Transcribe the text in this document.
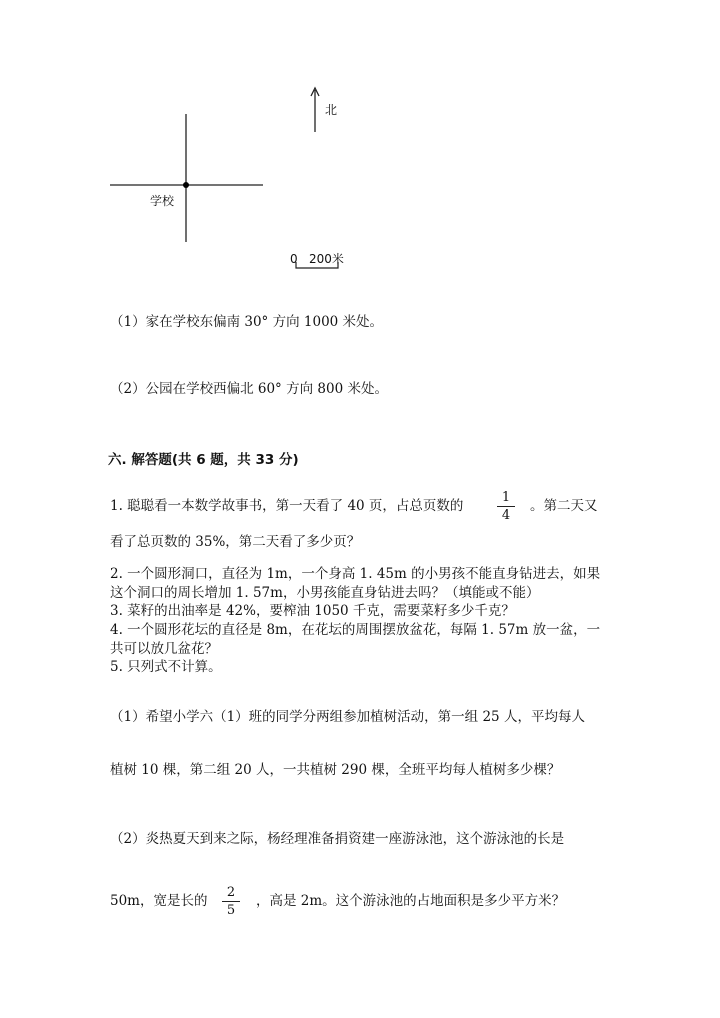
北
学校
0 200米
（1）家在学校东偏南 30° 方向 1000 米处。
（2）公园在学校西偏北 60° 方向 800 米处。
六. 解答题(共 6 题，共 33 分)
1. 聪聪看一本数学故事书，第一天看了 40 页，占总页数的
1
4
。第二天又
看了总页数的 35%，第二天看了多少页？
2. 一个圆形洞口，直径为 1m，一个身高 1. 45m 的小男孩不能直身钻进去，如果
这个洞口的周长增加 1. 57m，小男孩能直身钻进去吗？（填能或不能）
3. 菜籽的出油率是 42%，要榨油 1050 千克，需要菜籽多少千克？
4. 一个圆形花坛的直径是 8m，在花坛的周围摆放盆花，每隔 1. 57m 放一盆，一
共可以放几盆花？
5. 只列式不计算。
（1）希望小学六（1）班的同学分两组参加植树活动，第一组 25 人，平均每人
植树 10 棵，第二组 20 人，一共植树 290 棵，全班平均每人植树多少棵？
（2）炎热夏天到来之际，杨经理准备捐资建一座游泳池，这个游泳池的长是
50m，宽是长的
2
5
，高是 2m。这个游泳池的占地面积是多少平方米？
